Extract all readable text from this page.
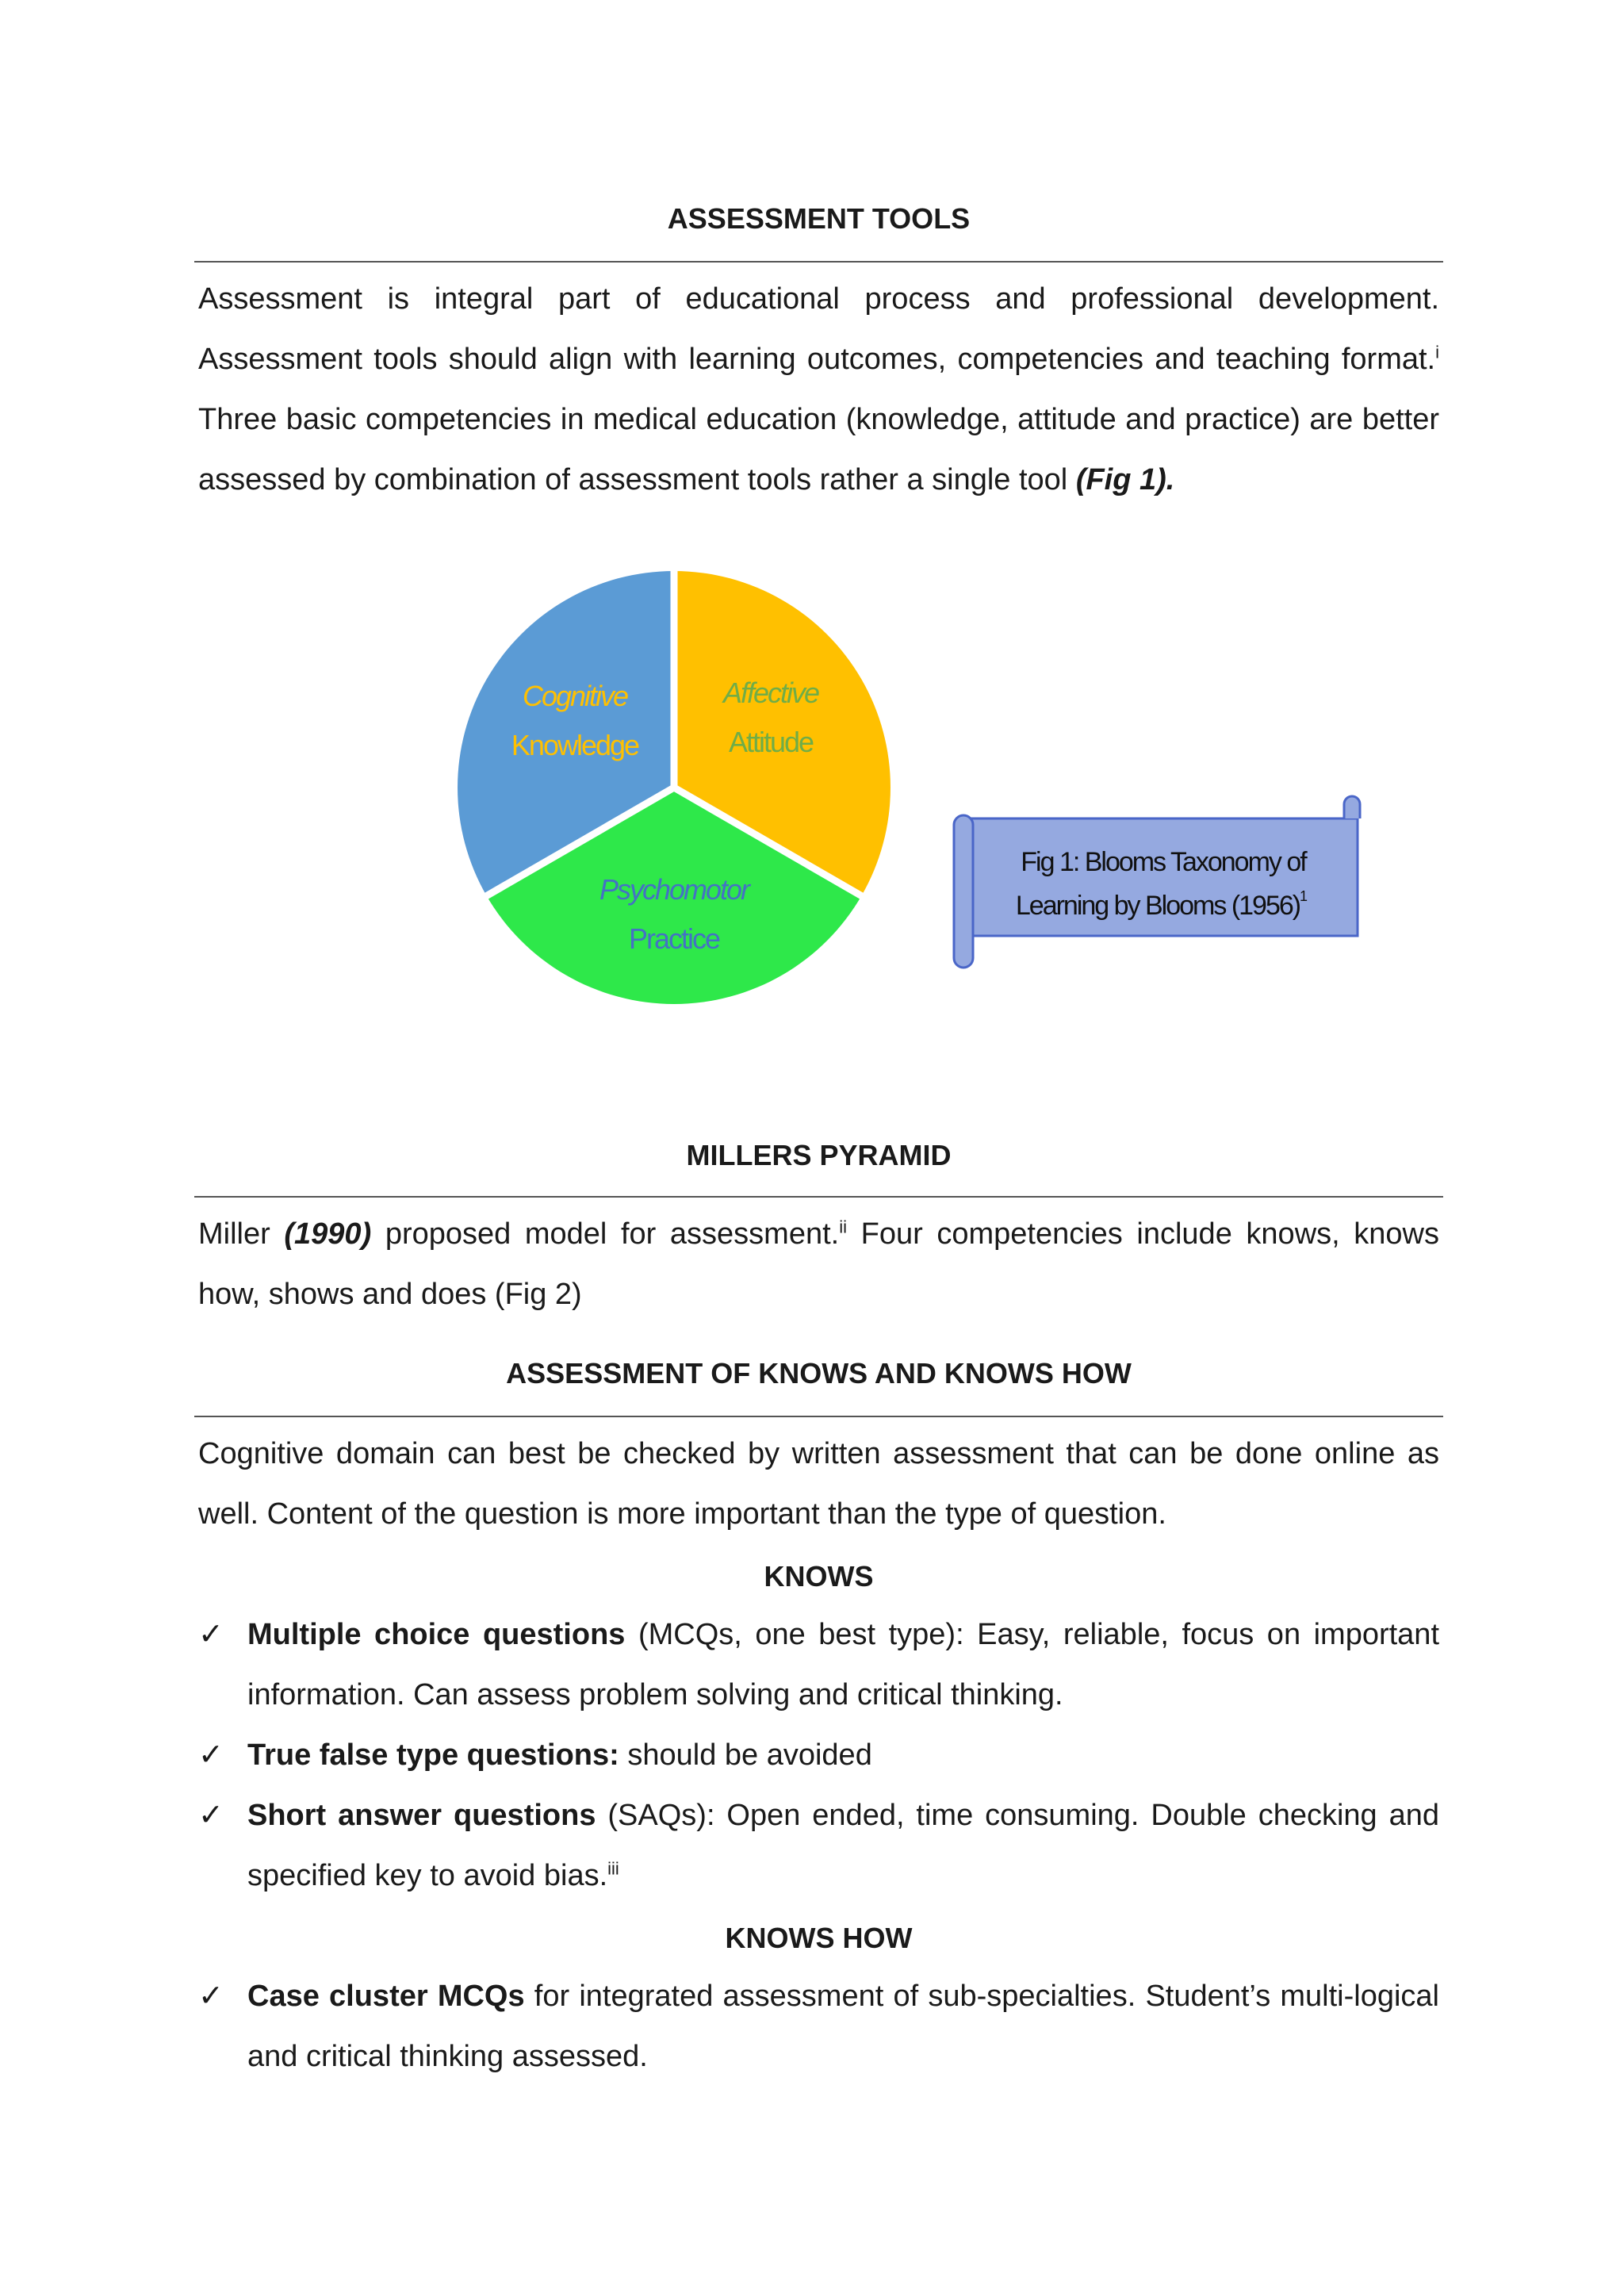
ASSESSMENT TOOLS

Assessment is integral part of educational process and professional development. Assessment tools should align with learning outcomes, competencies and teaching format.$^i$ Three basic competencies in medical education (knowledge, attitude and practice) are better assessed by combination of assessment tools rather a single tool (Fig 1).

Cognitive
Knowledge
Affective
Attitude
Psychomotor
Practice
Fig 1: Blooms Taxonomy of
Learning by Blooms (1956) 1
MILLERS PYRAMID

Miller (1990) proposed model for assessment.$^{ii}$ Four competencies include knows, knows how, shows and does (Fig 2)

ASSESSMENT OF KNOWS AND KNOWS HOW

Cognitive domain can best be checked by written assessment that can be done online as well. Content of the question is more important than the type of question.

KNOWS
✓ Multiple choice questions (MCQs, one best type): Easy, reliable, focus on important information. Can assess problem solving and critical thinking.

✓ True false type questions: should be avoided

✓ Short answer questions (SAQs): Open ended, time consuming. Double checking and specified key to avoid bias.$^{iii}$

KNOWS HOW
✓ Case cluster MCQs for integrated assessment of sub-specialties. Student’s multi-logical and critical thinking assessed.
